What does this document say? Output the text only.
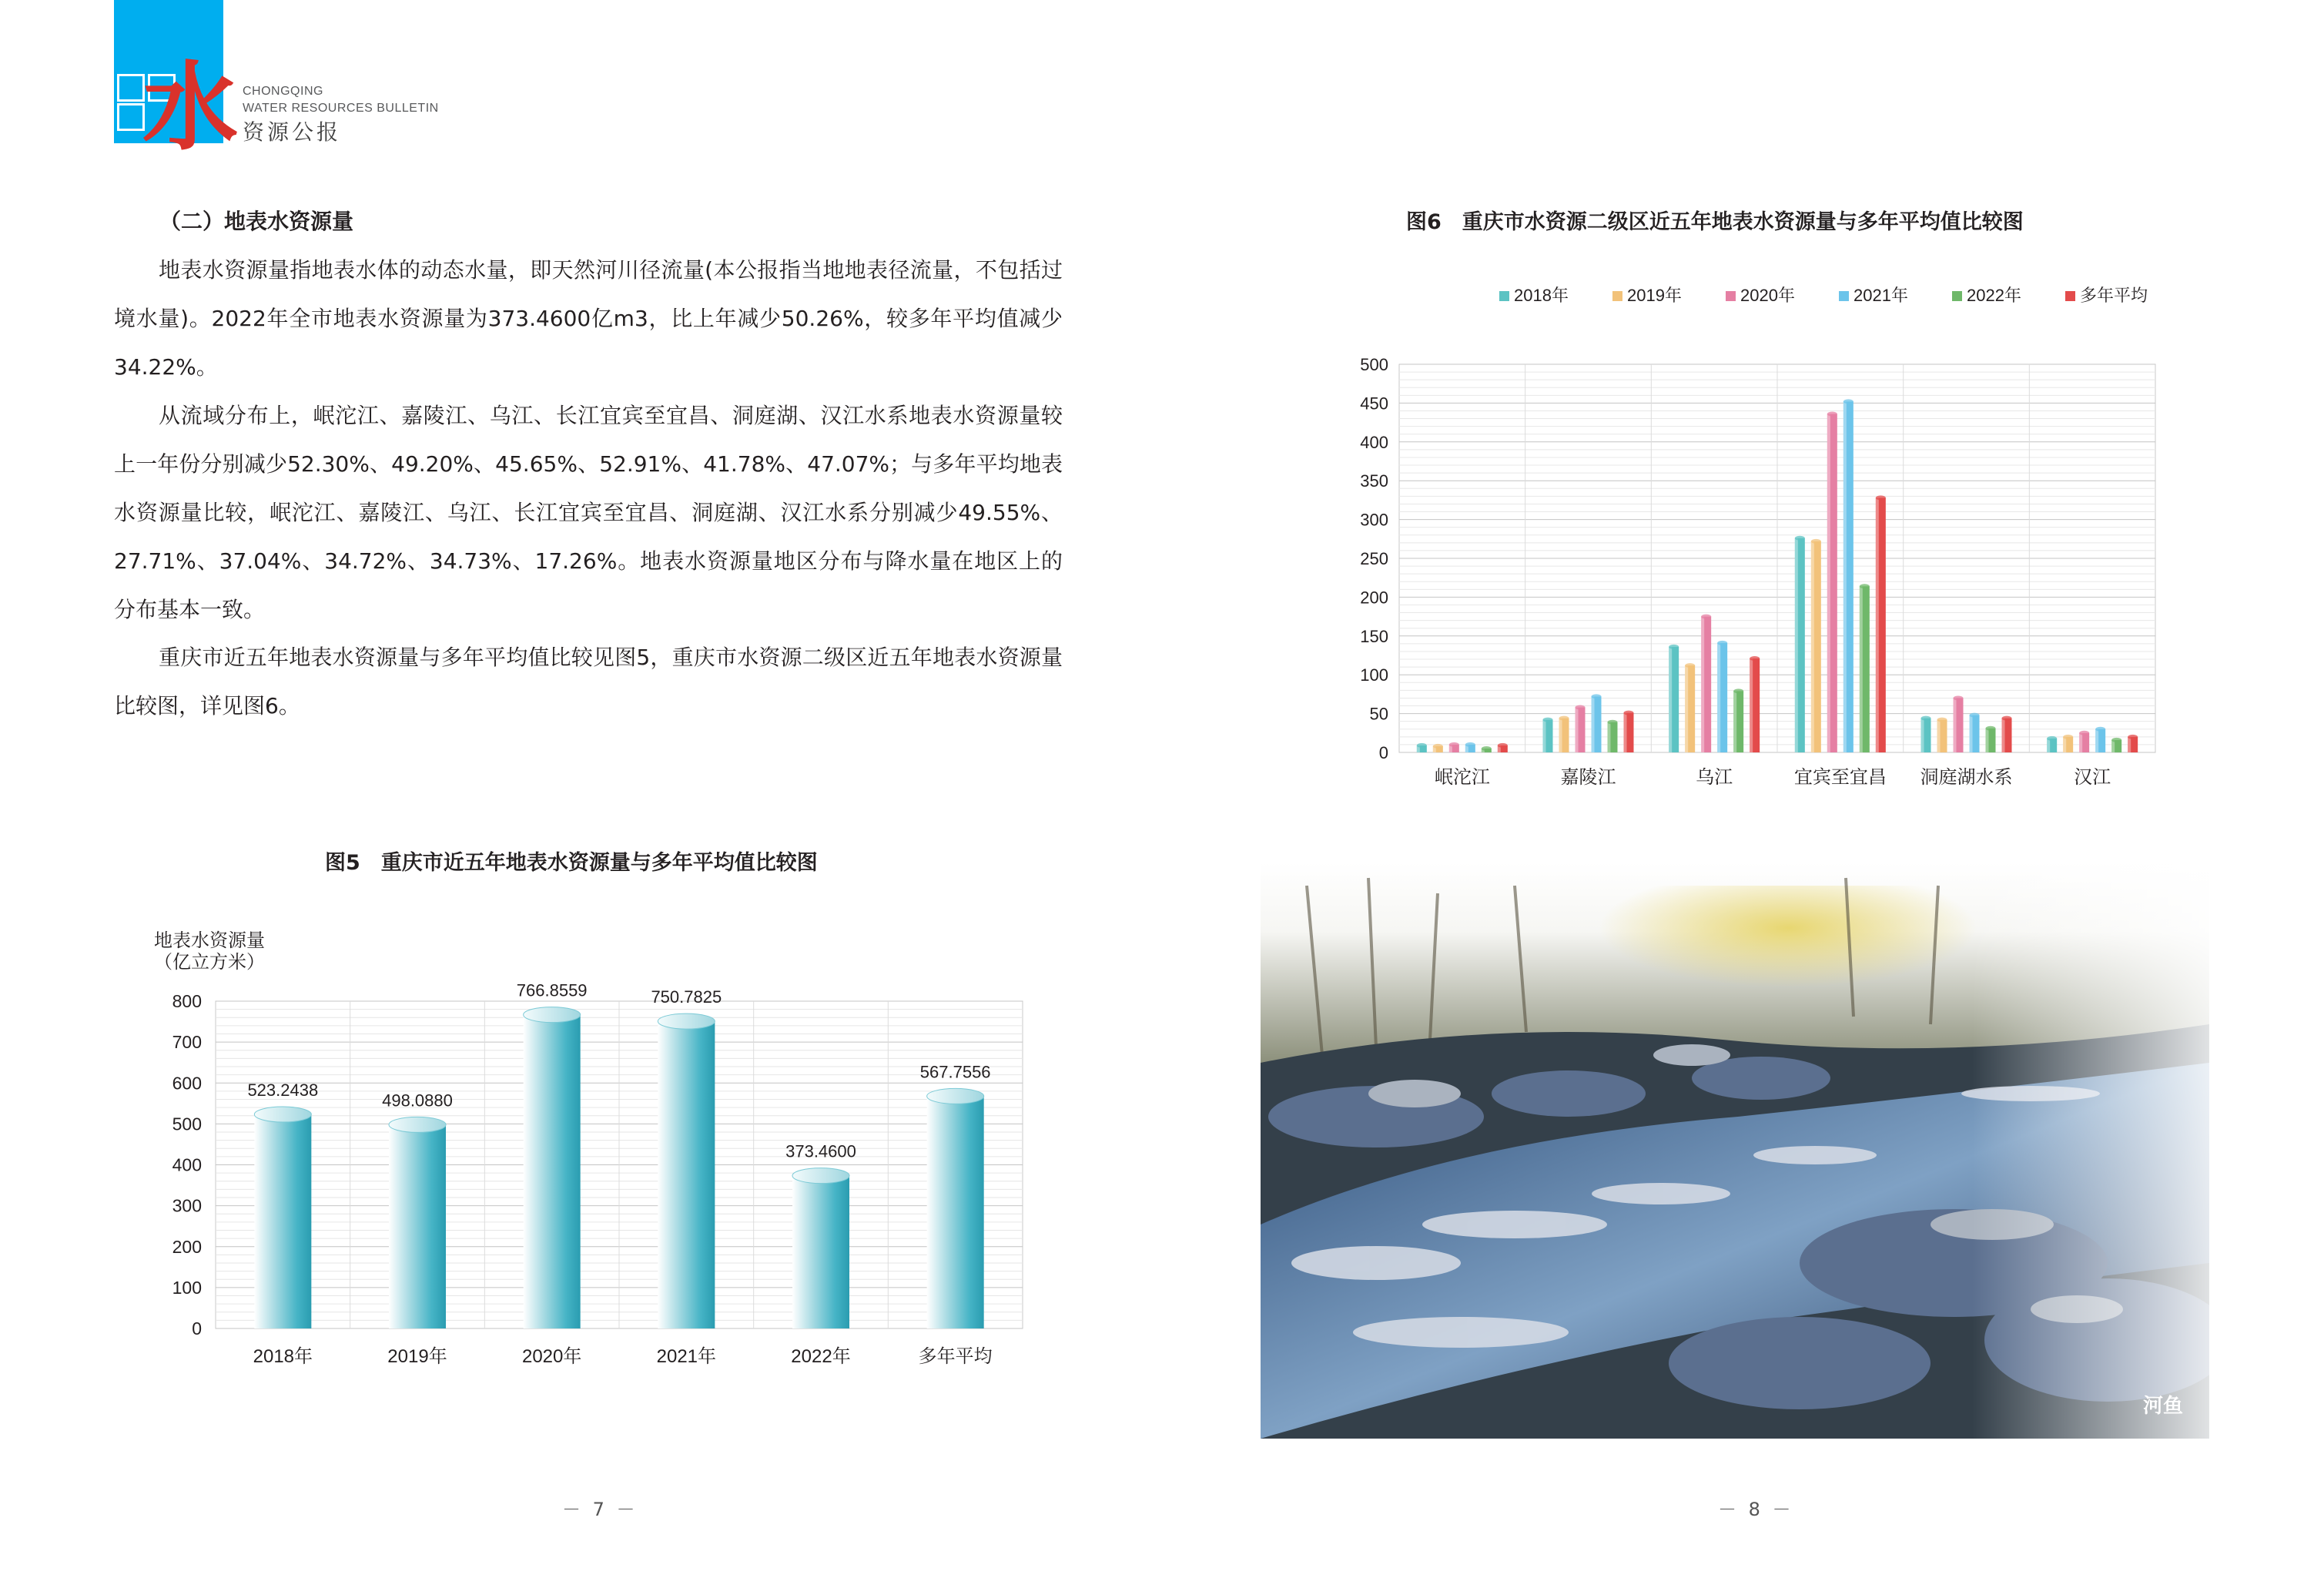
水 CHONGQING
WATER RESOURCES BULLETIN
资源公报
（二）地表水资源量
地表水资源量指地表水体的动态水量，即天然河川径流量(本公报指当地地表径流量，不包括过境水量)。2022年全市地表水资源量为373.4600亿m3，比上年减少50.26%，较多年平均值减少34.22%。
从流域分布上，岷沱江、嘉陵江、乌江、长江宜宾至宜昌、洞庭湖、汉江水系地表水资源量较上一年份分别减少52.30%、49.20%、45.65%、52.91%、41.78%、47.07%；与多年平均地表水资源量比较，岷沱江、嘉陵江、乌江、长江宜宾至宜昌、洞庭湖、汉江水系分别减少49.55%、27.71%、37.04%、34.72%、34.73%、17.26%。地表水资源量地区分布与降水量在地区上的分布基本一致。
重庆市近五年地表水资源量与多年平均值比较见图5，重庆市水资源二级区近五年地表水资源量比较图，详见图6。
图5　重庆市近五年地表水资源量与多年平均值比较图
地表水资源量
（亿立方米）
0
100
200
300
400
500
600
700
800
523.2438
498.0880
766.8559	750.7825
373.4600
567.7556
2018年	2019年	2020年	2021年	2022年	多年平均
－ 7 －
图6　重庆市水资源二级区近五年地表水资源量与多年平均值比较图
2018年	2019年	2020年	2021年	2022年	多年平均
0
50
100
150
200
250
300
350
400
450
500
岷沱江	嘉陵江	乌江	宜宾至宜昌 洞庭湖水系	汉江
河鱼
－ 8 －
